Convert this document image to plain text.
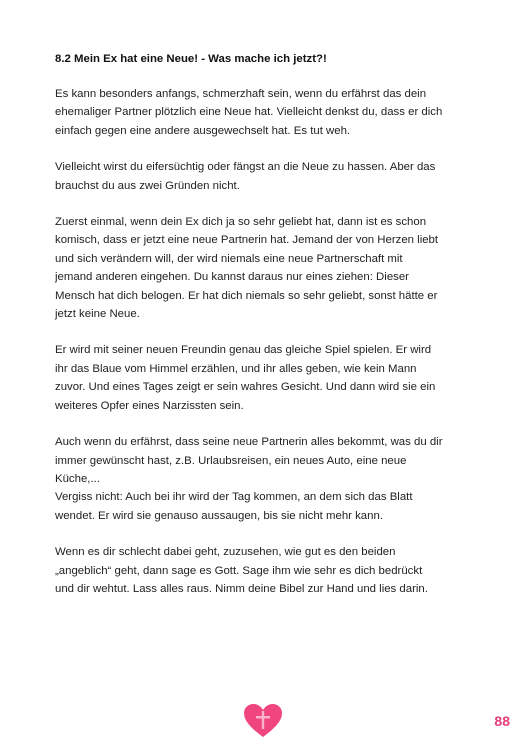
8.2 Mein Ex hat eine Neue! - Was mache ich jetzt?!
Es kann besonders anfangs, schmerzhaft sein, wenn du erfährst das dein
ehemaliger Partner plötzlich eine Neue hat. Vielleicht denkst du, dass er dich
einfach gegen eine andere ausgewechselt hat. Es tut weh.
Vielleicht wirst du eifersüchtig oder fängst an die Neue zu hassen. Aber das
brauchst du aus zwei Gründen nicht.
Zuerst einmal, wenn dein Ex dich ja so sehr geliebt hat, dann ist es schon
komisch, dass er jetzt eine neue Partnerin hat. Jemand der von Herzen liebt
und sich verändern will, der wird niemals eine neue Partnerschaft mit
jemand anderen eingehen. Du kannst daraus nur eines ziehen: Dieser
Mensch hat dich belogen. Er hat dich niemals so sehr geliebt, sonst hätte er
jetzt keine Neue.
Er wird mit seiner neuen Freundin genau das gleiche Spiel spielen. Er wird
ihr das Blaue vom Himmel erzählen, und ihr alles geben, wie kein Mann
zuvor. Und eines Tages zeigt er sein wahres Gesicht. Und dann wird sie ein
weiteres Opfer eines Narzissten sein.
Auch wenn du erfährst, dass seine neue Partnerin alles bekommt, was du dir
immer gewünscht hast, z.B. Urlaubsreisen, ein neues Auto, eine neue
Küche,...
Vergiss nicht: Auch bei ihr wird der Tag kommen, an dem sich das Blatt
wendet. Er wird sie genauso aussaugen, bis sie nicht mehr kann.
Wenn es dir schlecht dabei geht, zuzusehen, wie gut es den beiden
„angeblich“ geht, dann sage es Gott. Sage ihm wie sehr es dich bedrückt
und dir wehtut. Lass alles raus. Nimm deine Bibel zur Hand und lies darin.
88
